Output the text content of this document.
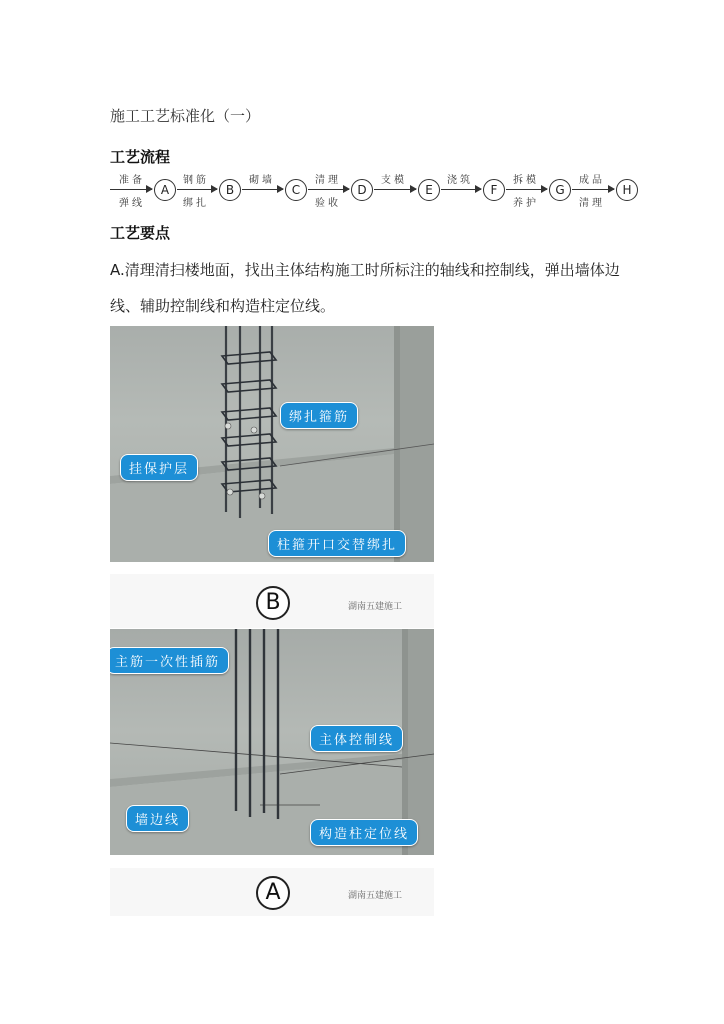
施工工艺标准化（一）
工艺流程
准备
弹线
A
钢筋
绑扎
B
砌墙
C
清理
验收
D
支模
E
浇筑
F
拆模
养护
G
成品
清理
H
工艺要点
A.清理清扫楼地面，找出主体结构施工时所标注的轴线和控制线，弹出墙体边线、辅助控制线和构造柱定位线。
绑扎箍筋
挂保护层
柱箍开口交替绑扎
B	湖南五建施工
主筋一次性插筋
主体控制线
墙边线
构造柱定位线
A	湖南五建施工
